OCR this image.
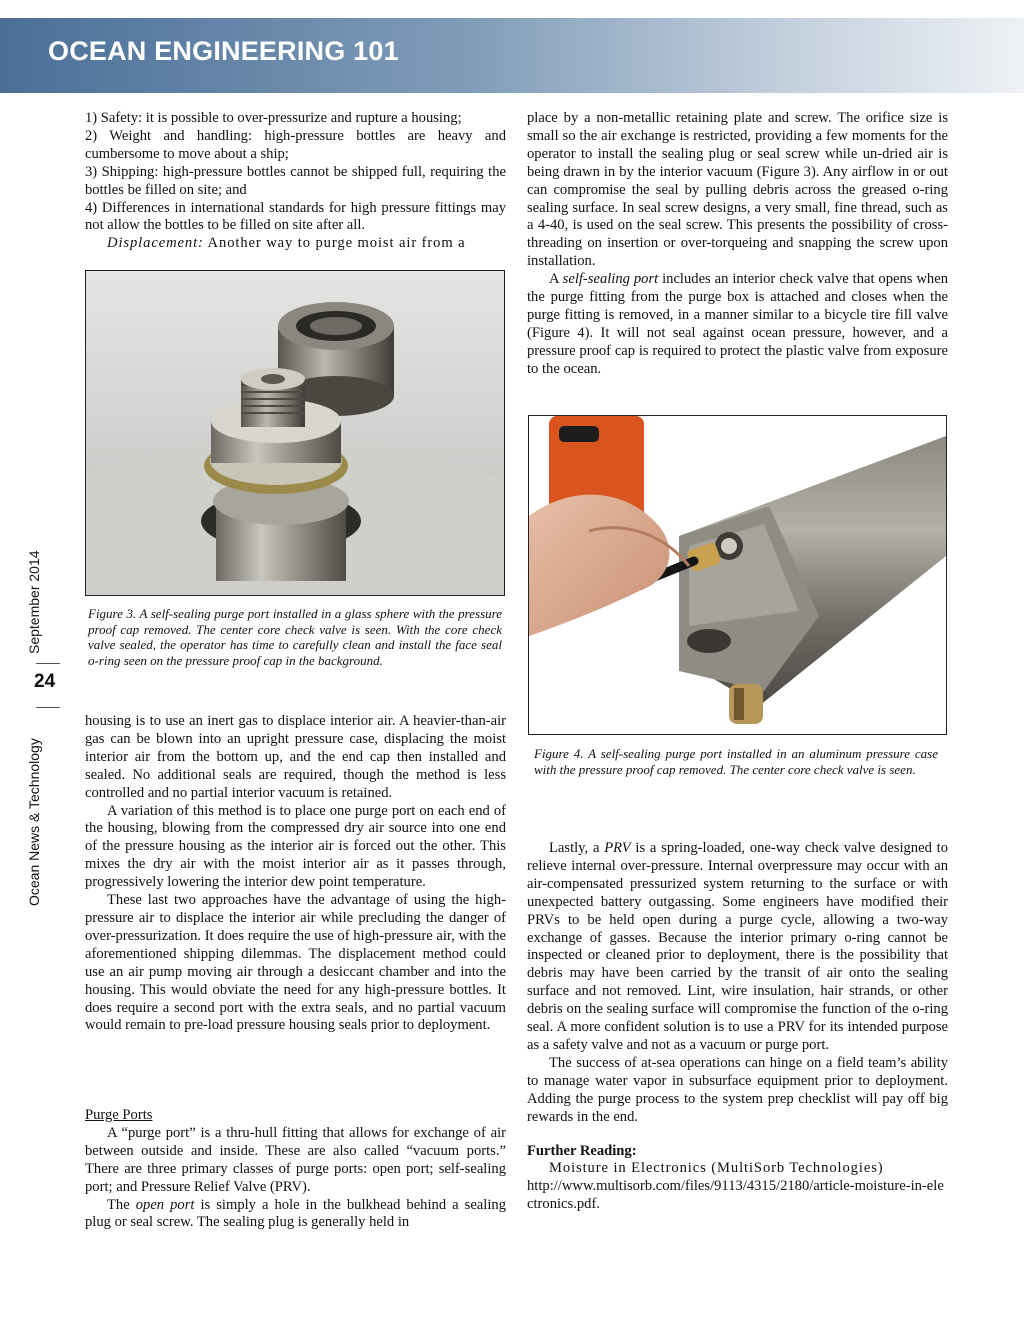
OCEAN ENGINEERING 101
September 2014
24
Ocean News & Technology

1) Safety: it is possible to over-pressurize and rupture a housing;

2) Weight and handling: high-pressure bottles are heavy and cumbersome to move about a ship;

3) Shipping: high-pressure bottles cannot be shipped full, requiring the bottles be filled on site; and

4) Differences in international standards for high pressure fittings may not allow the bottles to be filled on site after all.

Displacement: Another way to purge moist air from a

Figure 3. A self-sealing purge port installed in a glass sphere with the pressure proof cap removed. The center core check valve is seen. With the core check valve sealed, the operator has time to carefully clean and install the face seal o-ring seen on the pressure proof cap in the background.

housing is to use an inert gas to displace interior air. A heavier-than-air gas can be blown into an upright pressure case, displacing the moist interior air from the bottom up, and the end cap then installed and sealed. No additional seals are required, though the method is less controlled and no partial interior vacuum is retained.

A variation of this method is to place one purge port on each end of the housing, blowing from the compressed dry air source into one end of the pressure housing as the interior air is forced out the other. This mixes the dry air with the moist interior air as it passes through, progressively lowering the interior dew point temperature.

These last two approaches have the advantage of using the high-pressure air to displace the interior air while precluding the danger of over-pressurization. It does require the use of high-pressure air, with the aforementioned shipping dilemmas. The displacement method could use an air pump moving air through a desiccant chamber and into the housing. This would obviate the need for any high-pressure bottles. It does require a second port with the extra seals, and no partial vacuum would remain to pre-load pressure housing seals prior to deployment.

Purge Ports

A “purge port” is a thru-hull fitting that allows for exchange of air between outside and inside. These are also called “vacuum ports.” There are three primary classes of purge ports: open port; self-sealing port; and Pressure Relief Valve (PRV).

The open port is simply a hole in the bulkhead behind a sealing plug or seal screw. The sealing plug is generally held in

place by a non-metallic retaining plate and screw. The orifice size is small so the air exchange is restricted, providing a few moments for the operator to install the sealing plug or seal screw while un-dried air is being drawn in by the interior vacuum (Figure 3). Any airflow in or out can compromise the seal by pulling debris across the greased o-ring sealing surface. In seal screw designs, a very small, fine thread, such as a 4-40, is used on the seal screw. This presents the possibility of cross-threading on insertion or over-torqueing and snapping the screw upon installation.

A self-sealing port includes an interior check valve that opens when the purge fitting from the purge box is attached and closes when the purge fitting is removed, in a manner similar to a bicycle tire fill valve (Figure 4). It will not seal against ocean pressure, however, and a pressure proof cap is required to protect the plastic valve from exposure to the ocean.

Figure 4. A self-sealing purge port installed in an aluminum pressure case with the pressure proof cap removed. The center core check valve is seen.

Lastly, a PRV is a spring-loaded, one-way check valve designed to relieve internal over-pressure. Internal overpressure may occur with an air-compensated pressurized system returning to the surface or with unexpected battery outgassing. Some engineers have modified their PRVs to be held open during a purge cycle, allowing a two-way exchange of gasses. Because the interior primary o-ring cannot be inspected or cleaned prior to deployment, there is the possibility that debris may have been carried by the transit of air onto the sealing surface and not removed. Lint, wire insulation, hair strands, or other debris on the sealing surface will compromise the function of the o-ring seal. A more confident solution is to use a PRV for its intended purpose as a safety valve and not as a vacuum or purge port.

The success of at-sea operations can hinge on a field team’s ability to manage water vapor in subsurface equipment prior to deployment. Adding the purge process to the system prep checklist will pay off big rewards in the end.

Further Reading:

Moisture in Electronics (MultiSorb Technologies)

http://www.multisorb.com/files/9113/4315/2180/article-moisture-in-electronics.pdf.
